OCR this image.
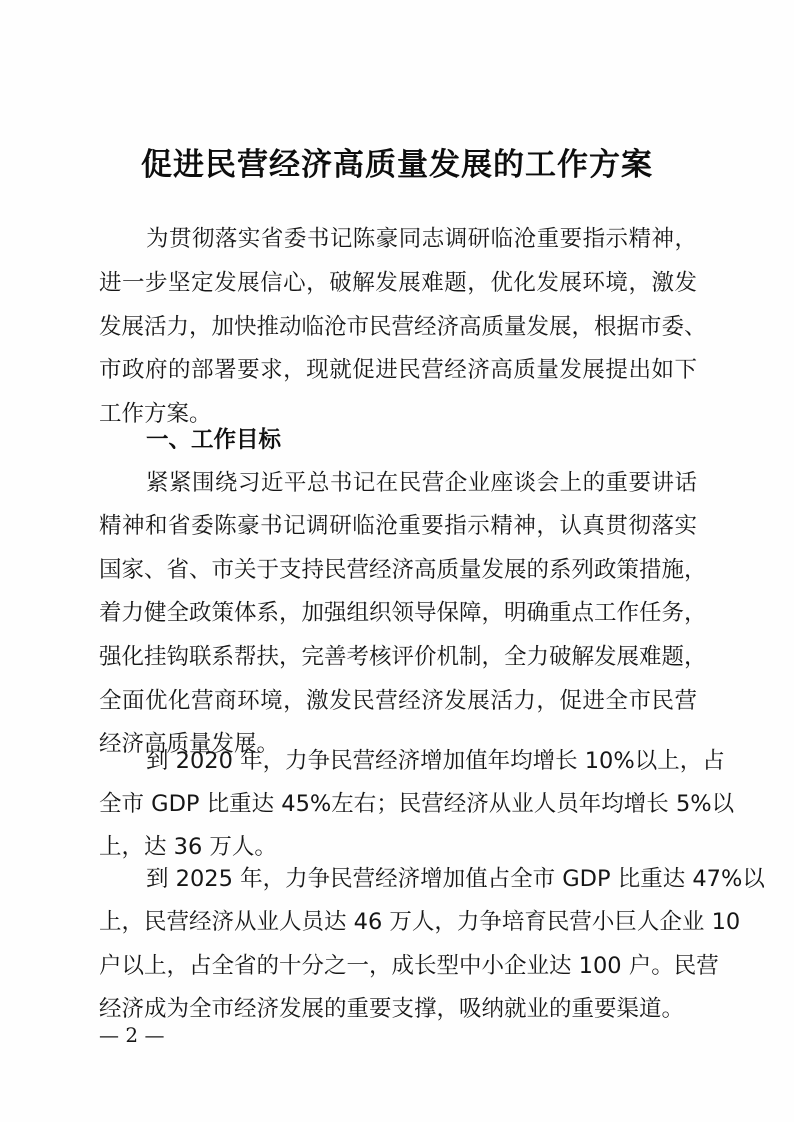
促进民营经济高质量发展的工作方案
为贯彻落实省委书记陈豪同志调研临沧重要指示精神，
进一步坚定发展信心，破解发展难题，优化发展环境，激发
发展活力，加快推动临沧市民营经济高质量发展，根据市委、
市政府的部署要求，现就促进民营经济高质量发展提出如下
工作方案。
一、工作目标
紧紧围绕习近平总书记在民营企业座谈会上的重要讲话
精神和省委陈豪书记调研临沧重要指示精神，认真贯彻落实
国家、省、市关于支持民营经济高质量发展的系列政策措施，
着力健全政策体系，加强组织领导保障，明确重点工作任务，
强化挂钩联系帮扶，完善考核评价机制，全力破解发展难题，
全面优化营商环境，激发民营经济发展活力，促进全市民营
经济高质量发展。
到 2020 年，力争民营经济增加值年均增长 10%以上，占
全市 GDP 比重达 45%左右；民营经济从业人员年均增长 5%以
上，达 36 万人。
到 2025 年，力争民营经济增加值占全市 GDP 比重达 47%以
上，民营经济从业人员达 46 万人，力争培育民营小巨人企业 10
户以上，占全省的十分之一，成长型中小企业达 100 户。民营
经济成为全市经济发展的重要支撑，吸纳就业的重要渠道。
— 2 —
